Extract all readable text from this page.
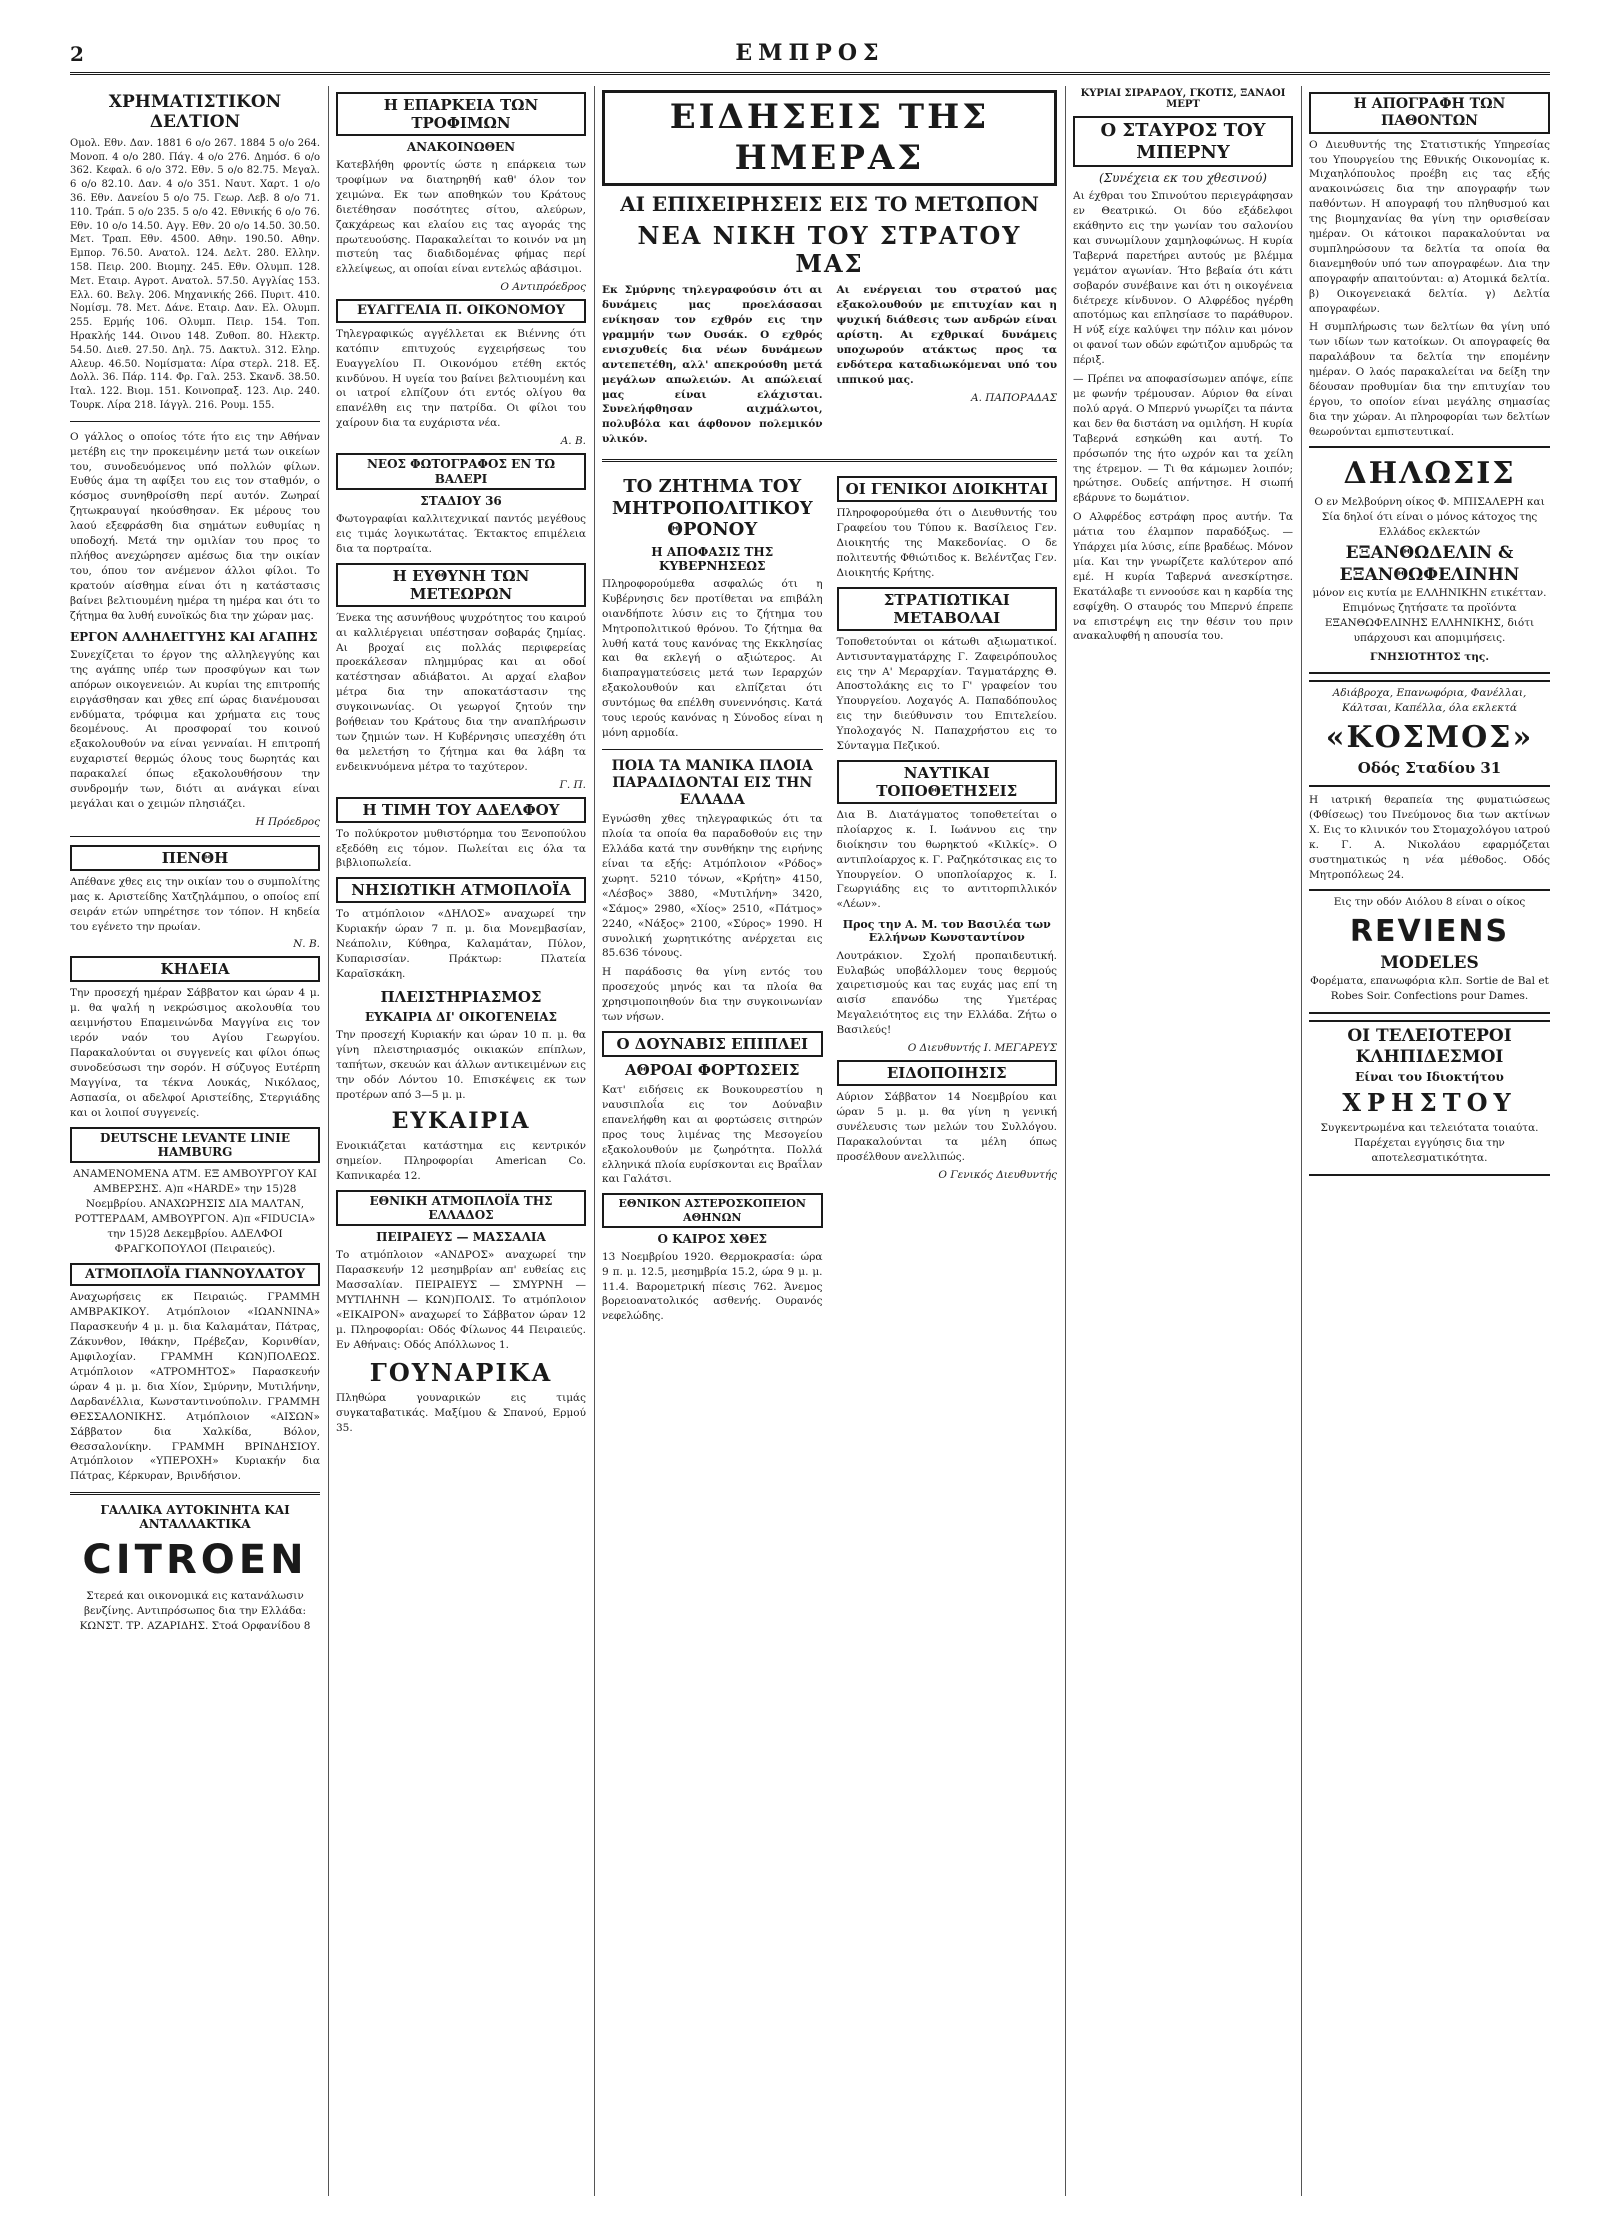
2	ΕΜΠΡΟΣ
ΧΡΗΜΑΤΙΣΤΙΚΟΝ ΔΕΛΤΙΟΝ
Ομολ. Εθν. Δαν. 1881 6 ο/ο 267. 1884 5 ο/ο 264. Μονοπ. 4 ο/ο 280. Πάγ. 4 ο/ο 276. Δημόσ. 6 ο/ο 362. Κεφαλ. 6 ο/ο 372. Εθν. 5 ο/ο 82.75. Μεγαλ. 6 ο/ο 82.10. Δαν. 4 ο/ο 351. Ναυτ. Χαρτ. 1 ο/ο 36. Εθν. Δανείου 5 ο/ο 75. Γεωρ. Λεβ. 8 ο/ο 71. 110. Τράπ. 5 ο/ο 235. 5 ο/ο 42. Εθνικής 6 ο/ο 76. Εθν. 10 ο/ο 14.50. Αγγ. Εθν. 20 ο/ο 14.50. 30.50. Μετ. Τραπ. Εθν. 4500. Αθην. 190.50. Αθην. Εμπορ. 76.50. Ανατολ. 124. Δελτ. 280. Ελλην. 158. Πειρ. 200. Βιομηχ. 245. Εθν. Ολυμπ. 128. Μετ. Εταιρ. Αγροτ. Ανατολ. 57.50. Αγγλίας 153. Ελλ. 60. Βελγ. 206. Μηχανικής 266. Πυριτ. 410. Νομίσμ. 78. Μετ. Δάνε. Εταιρ. Δαν. Ελ. Ολυμπ. 255. Ερμής 106. Ολυμπ. Πειρ. 154. Τοπ. Ηρακλής 144. Οινου 148. Ζυθοπ. 80. Ηλεκτρ. 54.50. Διεθ. 27.50. Δηλ. 75. Δακτυλ. 312. Εληρ. Αλευρ. 46.50. Νομίσματα: Λίρα στερλ. 218. Εξ. Δολλ. 36. Πάρ. 114. Φρ. Γαλ. 253. Σκανδ. 38.50. Ιταλ. 122. Βιομ. 151. Κοινοπραξ. 123. Λιρ. 240. Τουρκ. Λίρα 218. Ιάγγλ. 216. Ρουμ. 155.
Ο γάλλος ο οποίος τότε ήτο εις την Αθήναν μετέβη εις την προκειμένην μετά των οικείων του, συνοδευόμενος υπό πολλών φίλων. Ευθύς άμα τη αφίξει του εις τον σταθμόν, ο κόσμος συνηθροίσθη περί αυτόν. Ζωηραί ζητωκραυγαί ηκούσθησαν. Εκ μέρους του λαού εξεφράσθη δια σημάτων ευθυμίας η υποδοχή. Μετά την ομιλίαν του προς το πλήθος ανεχώρησεν αμέσως δια την οικίαν του, όπου τον ανέμενον άλλοι φίλοι. Το κρατούν αίσθημα είναι ότι η κατάστασις βαίνει βελτιουμένη ημέρα τη ημέρα και ότι το ζήτημα θα λυθή ευνοϊκώς δια την χώραν μας.
ΕΡΓΟΝ ΑΛΛΗΛΕΓΓΥΗΣ ΚΑΙ ΑΓΑΠΗΣ
Συνεχίζεται το έργον της αλληλεγγύης και της αγάπης υπέρ των προσφύγων και των απόρων οικογενειών. Αι κυρίαι της επιτροπής ειργάσθησαν και χθες επί ώρας διανέμουσαι ενδύματα, τρόφιμα και χρήματα εις τους δεομένους. Αι προσφοραί του κοινού εξακολουθούν να είναι γενναίαι. Η επιτροπή ευχαριστεί θερμώς όλους τους δωρητάς και παρακαλεί όπως εξακολουθήσουν την συνδρομήν των, διότι αι ανάγκαι είναι μεγάλαι και ο χειμών πλησιάζει.
Η Πρόεδρος
ΠΕΝΘΗ
Απέθανε χθες εις την οικίαν του ο συμπολίτης μας κ. Αριστείδης Χατζηλάμπου, ο οποίος επί σειράν ετών υπηρέτησε τον τόπον. Η κηδεία του εγένετο την πρωίαν.
Ν. Β.
ΚΗΔΕΙΑ
Την προσεχή ημέραν Σάββατον και ώραν 4 μ. μ. θα ψαλή η νεκρώσιμος ακολουθία του αειμνήστου Επαμεινώνδα Μαγγίνα εις τον ιερόν ναόν του Αγίου Γεωργίου. Παρακαλούνται οι συγγενείς και φίλοι όπως συνοδεύσωσι την σορόν. Η σύζυγος Ευτέρπη Μαγγίνα, τα τέκνα Λουκάς, Νικόλαος, Ασπασία, οι αδελφοί Αριστείδης, Στεργιάδης και οι λοιποί συγγενείς.
DEUTSCHE LEVANTE LINIE HAMBURG
ΑΝΑΜΕΝΟΜΕΝΑ ΑΤΜ. ΕΞ ΑΜΒΟΥΡΓΟΥ ΚΑΙ ΑΜΒΕΡΣΗΣ. Α)π «HARDE» την 15)28 Νοεμβρίου. ΑΝΑΧΩΡΗΣΙΣ ΔΙΑ ΜΑΛΤΑΝ, ΡΟΤΤΕΡΔΑΜ, ΑΜΒΟΥΡΓΟΝ. Α)π «FIDUCIA» την 15)28 Δεκεμβρίου. ΑΔΕΛΦΟΙ ΦΡΑΓΚΟΠΟΥΛΟΙ (Πειραιεύς).
ΑΤΜΟΠΛΟΪΑ ΓΙΑΝΝΟΥΛΑΤΟΥ
Αναχωρήσεις εκ Πειραιώς. ΓΡΑΜΜΗ ΑΜΒΡΑΚΙΚΟΥ. Ατμόπλοιον «ΙΩΑΝΝΙΝΑ» Παρασκευήν 4 μ. μ. δια Καλαμάταν, Πάτρας, Ζάκυνθον, Ιθάκην, Πρέβεζαν, Κορινθίαν, Αμφιλοχίαν. ΓΡΑΜΜΗ ΚΩΝ)ΠΟΛΕΩΣ. Ατμόπλοιον «ΑΤΡΟΜΗΤΟΣ» Παρασκευήν ώραν 4 μ. μ. δια Χίον, Σμύρνην, Μυτιλήνην, Δαρδανέλλια, Κωνσταντινούπολιν. ΓΡΑΜΜΗ ΘΕΣΣΑΛΟΝΙΚΗΣ. Ατμόπλοιον «ΑΙΣΩΝ» Σάββατον δια Χαλκίδα, Βόλον, Θεσσαλονίκην. ΓΡΑΜΜΗ ΒΡΙΝΔΗΣΙΟΥ. Ατμόπλοιον «ΥΠΕΡΟΧΗ» Κυριακήν δια Πάτρας, Κέρκυραν, Βρινδήσιον.
ΓΑΛΛΙΚΑ ΑΥΤΟΚΙΝΗΤΑ ΚΑΙ ΑΝΤΑΛΛΑΚΤΙΚΑ
CITROEN
Στερεά και οικονομικά εις κατανάλωσιν βενζίνης. Αντιπρόσωπος δια την Ελλάδα: ΚΩΝΣΤ. ΤΡ. ΑΖΑΡΙΔΗΣ. Στοά Ορφανίδου 8
Η ΕΠΑΡΚΕΙΑ ΤΩΝ ΤΡΟΦΙΜΩΝ
ΑΝΑΚΟΙΝΩΘΕΝ
Κατεβλήθη φροντίς ώστε η επάρκεια των τροφίμων να διατηρηθή καθ' όλον τον χειμώνα. Εκ των αποθηκών του Κράτους διετέθησαν ποσότητες σίτου, αλεύρων, ζακχάρεως και ελαίου εις τας αγοράς της πρωτευούσης. Παρακαλείται το κοινόν να μη πιστεύη τας διαδιδομένας φήμας περί ελλείψεως, αι οποίαι είναι εντελώς αβάσιμοι.
Ο Αντιπρόεδρος
ΕΥΑΓΓΕΛΙΑ Π. ΟΙΚΟΝΟΜΟΥ
Τηλεγραφικώς αγγέλλεται εκ Βιέννης ότι κατόπιν επιτυχούς εγχειρήσεως του Ευαγγελίου Π. Οικονόμου ετέθη εκτός κινδύνου. Η υγεία του βαίνει βελτιουμένη και οι ιατροί ελπίζουν ότι εντός ολίγου θα επανέλθη εις την πατρίδα. Οι φίλοι του χαίρουν δια τα ευχάριστα νέα.
Α. Β.
ΝΕΟΣ ΦΩΤΟΓΡΑΦΟΣ ΕΝ ΤΩ ΒΑΛΕΡΙ
ΣΤΑΔΙΟΥ 36
Φωτογραφίαι καλλιτεχνικαί παντός μεγέθους εις τιμάς λογικωτάτας. Έκτακτος επιμέλεια δια τα πορτραίτα.
Η ΕΥΘΥΝΗ ΤΩΝ ΜΕΤΕΩΡΩΝ
Ένεκα της ασυνήθους ψυχρότητος του καιρού αι καλλιέργειαι υπέστησαν σοβαράς ζημίας. Αι βροχαί εις πολλάς περιφερείας προεκάλεσαν πλημμύρας και αι οδοί κατέστησαν αδιάβατοι. Αι αρχαί ελαβον μέτρα δια την αποκατάστασιν της συγκοινωνίας. Οι γεωργοί ζητούν την βοήθειαν του Κράτους δια την αναπλήρωσιν των ζημιών των. Η Κυβέρνησις υπεσχέθη ότι θα μελετήση το ζήτημα και θα λάβη τα ενδεικνυόμενα μέτρα το ταχύτερον.
Γ. Π.
Η ΤΙΜΗ ΤΟΥ ΑΔΕΛΦΟΥ
Το πολύκροτον μυθιστόρημα του Ξενοπούλου εξεδόθη εις τόμον. Πωλείται εις όλα τα βιβλιοπωλεία.
ΝΗΣΙΩΤΙΚΗ ΑΤΜΟΠΛΟΪΑ
Το ατμόπλοιον «ΔΗΛΟΣ» αναχωρεί την Κυριακήν ώραν 7 π. μ. δια Μονεμβασίαν, Νεάπολιν, Κύθηρα, Καλαμάταν, Πύλον, Κυπαρισσίαν. Πράκτωρ: Πλατεία Καραϊσκάκη.
ΠΛΕΙΣΤΗΡΙΑΣΜΟΣ
ΕΥΚΑΙΡΙΑ ΔΙ' ΟΙΚΟΓΕΝΕΙΑΣ
Την προσεχή Κυριακήν και ώραν 10 π. μ. θα γίνη πλειστηριασμός οικιακών επίπλων, ταπήτων, σκευών και άλλων αντικειμένων εις την οδόν Λόντου 10. Επισκέψεις εκ των προτέρων από 3—5 μ. μ.
ΕΥΚΑΙΡΙΑ
Ενοικιάζεται κατάστημα εις κεντρικόν σημείον. Πληροφορίαι American Co. Καπνικαρέα 12.
ΕΘΝΙΚΗ ΑΤΜΟΠΛΟΪΑ ΤΗΣ ΕΛΛΑΔΟΣ
ΠΕΙΡΑΙΕΥΣ — ΜΑΣΣΑΛΙΑ
Το ατμόπλοιον «ΑΝΔΡΟΣ» αναχωρεί την Παρασκευήν 12 μεσημβρίαν απ' ευθείας εις Μασσαλίαν. ΠΕΙΡΑΙΕΥΣ — ΣΜΥΡΝΗ — ΜΥΤΙΛΗΝΗ — ΚΩΝ)ΠΟΛΙΣ. Το ατμόπλοιον «ΕΙΚΑΙΡΟΝ» αναχωρεί το Σάββατον ώραν 12 μ. Πληροφορίαι: Οδός Φίλωνος 44 Πειραιεύς. Εν Αθήναις: Οδός Απόλλωνος 1.
ΓΟΥΝΑΡΙΚΑ
Πληθώρα γουναρικών εις τιμάς συγκαταβατικάς. Μαξίμου & Σπανού, Ερμού 35.
ΕΙΔΗΣΕΙΣ ΤΗΣ ΗΜΕΡΑΣ
ΑΙ ΕΠΙΧΕΙΡΗΣΕΙΣ ΕΙΣ ΤΟ ΜΕΤΩΠΟΝ
ΝΕΑ ΝΙΚΗ ΤΟΥ ΣΤΡΑΤΟΥ ΜΑΣ
Εκ Σμύρνης τηλεγραφούσιν ότι αι δυνάμεις μας προελάσασαι ενίκησαν τον εχθρόν εις την γραμμήν των Ουσάκ. Ο εχθρός ενισχυθείς δια νέων δυνάμεων αντεπετέθη, αλλ' απεκρούσθη μετά μεγάλων απωλειών. Αι απώλειαί μας είναι ελάχισται. Συνελήφθησαν αιχμάλωτοι, πολυβόλα και άφθονον πολεμικόν υλικόν.
Αι ενέργειαι του στρατού μας εξακολουθούν με επιτυχίαν και η ψυχική διάθεσις των ανδρών είναι αρίστη. Αι εχθρικαί δυνάμεις υποχωρούν ατάκτως προς τα ενδότερα καταδιωκόμεναι υπό του ιππικού μας.
Α. ΠΑΠΟΡΑΔΑΣ
ΤΟ ΖΗΤΗΜΑ ΤΟΥ ΜΗΤΡΟΠΟΛΙΤΙΚΟΥ ΘΡΟΝΟΥ
Η ΑΠΟΦΑΣΙΣ ΤΗΣ ΚΥΒΕΡΝΗΣΕΩΣ
Πληροφορούμεθα ασφαλώς ότι η Κυβέρνησις δεν προτίθεται να επιβάλη οιανδήποτε λύσιν εις το ζήτημα του Μητροπολιτικού θρόνου. Το ζήτημα θα λυθή κατά τους κανόνας της Εκκλησίας και θα εκλεγή ο αξιώτερος. Αι διαπραγματεύσεις μετά των Ιεραρχών εξακολουθούν και ελπίζεται ότι συντόμως θα επέλθη συνεννόησις. Κατά τους ιερούς κανόνας η Σύνοδος είναι η μόνη αρμοδία.
ΠΟΙΑ ΤΑ ΜΑΝΙΚΑ ΠΛΟΙΑ ΠΑΡΑΔΙΔΟΝΤΑΙ ΕΙΣ ΤΗΝ ΕΛΛΑΔΑ
Εγνώσθη χθες τηλεγραφικώς ότι τα πλοία τα οποία θα παραδοθούν εις την Ελλάδα κατά την συνθήκην της ειρήνης είναι τα εξής: Ατμόπλοιον «Ρόδος» χωρητ. 5210 τόνων, «Κρήτη» 4150, «Λέσβος» 3880, «Μυτιλήνη» 3420, «Σάμος» 2980, «Χίος» 2510, «Πάτμος» 2240, «Νάξος» 2100, «Σύρος» 1990. Η συνολική χωρητικότης ανέρχεται εις 85.636 τόνους.
Η παράδοσις θα γίνη εντός του προσεχούς μηνός και τα πλοία θα χρησιμοποιηθούν δια την συγκοινωνίαν των νήσων.
Ο ΔΟΥΝΑΒΙΣ ΕΠΙΠΛΕΙ
ΑΘΡΟΑΙ ΦΟΡΤΩΣΕΙΣ
Κατ' ειδήσεις εκ Βουκουρεστίου η ναυσιπλοΐα εις τον Δούναβιν επανελήφθη και αι φορτώσεις σιτηρών προς τους λιμένας της Μεσογείου εξακολουθούν με ζωηρότητα. Πολλά ελληνικά πλοία ευρίσκονται εις Βραΐλαν και Γαλάτσι.
ΕΘΝΙΚΟΝ ΑΣΤΕΡΟΣΚΟΠΕΙΟΝ ΑΘΗΝΩΝ
Ο ΚΑΙΡΟΣ ΧΘΕΣ
13 Νοεμβρίου 1920. Θερμοκρασία: ώρα 9 π. μ. 12.5, μεσημβρία 15.2, ώρα 9 μ. μ. 11.4. Βαρομετρική πίεσις 762. Άνεμος βορειοανατολικός ασθενής. Ουρανός νεφελώδης.
ΟΙ ΓΕΝΙΚΟΙ ΔΙΟΙΚΗΤΑΙ
Πληροφορούμεθα ότι ο Διευθυντής του Γραφείου του Τύπου κ. Βασίλειος Γεν. Διοικητής της Μακεδονίας. Ο δε πολιτευτής Φθιώτιδος κ. Βελέντζας Γεν. Διοικητής Κρήτης.
ΣΤΡΑΤΙΩΤΙΚΑΙ ΜΕΤΑΒΟΛΑΙ
Τοποθετούνται οι κάτωθι αξιωματικοί. Αντισυνταγματάρχης Γ. Ζαφειρόπουλος εις την Α' Μεραρχίαν. Ταγματάρχης Θ. Αποστολάκης εις το Γ' γραφείον του Υπουργείου. Λοχαγός Α. Παπαδόπουλος εις την διεύθυνσιν του Επιτελείου. Υπολοχαγός Ν. Παπαχρήστου εις το Σύνταγμα Πεζικού.
ΝΑΥΤΙΚΑΙ ΤΟΠΟΘΕΤΗΣΕΙΣ
Δια Β. Διατάγματος τοποθετείται ο πλοίαρχος κ. Ι. Ιωάννου εις την διοίκησιν του θωρηκτού «Κιλκίς». Ο αντιπλοίαρχος κ. Γ. Ραζηκότσικας εις το Υπουργείον. Ο υποπλοίαρχος κ. Ι. Γεωργιάδης εις το αντιτορπιλλικόν «Λέων».
Προς την Α. Μ. τον Βασιλέα των Ελλήνων Κωνσταντίνον
Λουτράκιον. Σχολή προπαιδευτική. Ευλαβώς υποβάλλομεν τους θερμούς χαιρετισμούς και τας ευχάς μας επί τη αισίσ επανόδω της Υμετέρας Μεγαλειότητος εις την Ελλάδα. Ζήτω ο Βασιλεύς!
Ο Διευθυντής Ι. ΜΕΓΑΡΕΥΣ
ΕΙΔΟΠΟΙΗΣΙΣ
Αύριον Σάββατον 14 Νοεμβρίου και ώραν 5 μ. μ. θα γίνη η γενική συνέλευσις των μελών του Συλλόγου. Παρακαλούνται τα μέλη όπως προσέλθουν ανελλιπώς.
Ο Γενικός Διευθυντής
ΚΥΡΙΑΙ ΣΙΡΑΡΔΟΥ, ΓΚΟΤΙΣ, ΞΑΝΑΟΙ ΜΕΡΤ
Ο ΣΤΑΥΡΟΣ ΤΟΥ ΜΠΕΡΝΥ
(Συνέχεια εκ του χθεσινού)
Αι έχθραι του Σπινούτου περιεγράφησαν εν Θεατρικώ. Οι δύο εξάδελφοι εκάθηντο εις την γωνίαν του σαλονίου και συνωμίλουν χαμηλοφώνως. Η κυρία Ταβερνά παρετήρει αυτούς με βλέμμα γεμάτον αγωνίαν. Ήτο βεβαία ότι κάτι σοβαρόν συνέβαινε και ότι η οικογένεια διέτρεχε κίνδυνον. Ο Αλφρέδος ηγέρθη αποτόμως και επλησίασε το παράθυρον. Η νύξ είχε καλύψει την πόλιν και μόνον οι φανοί των οδών εφώτιζον αμυδρώς τα πέριξ.
— Πρέπει να αποφασίσωμεν απόψε, είπε με φωνήν τρέμουσαν. Αύριον θα είναι πολύ αργά. Ο Μπερνύ γνωρίζει τα πάντα και δεν θα διστάση να ομιλήση. Η κυρία Ταβερνά εσηκώθη και αυτή. Το πρόσωπόν της ήτο ωχρόν και τα χείλη της έτρεμον. — Τι θα κάμωμεν λοιπόν; ηρώτησε. Ουδείς απήντησε. Η σιωπή εβάρυνε το δωμάτιον.
Ο Αλφρέδος εστράφη προς αυτήν. Τα μάτια του έλαμπον παραδόξως. — Υπάρχει μία λύσις, είπε βραδέως. Μόνον μία. Και την γνωρίζετε καλύτερον από εμέ. Η κυρία Ταβερνά ανεσκίρτησε. Εκατάλαβε τι εννοούσε και η καρδία της εσφίχθη. Ο σταυρός του Μπερνύ έπρεπε να επιστρέψη εις την θέσιν του πριν ανακαλυφθή η απουσία του.
Η ΑΠΟΓΡΑΦΗ ΤΩΝ ΠΑΘΟΝΤΩΝ
Ο Διευθυντής της Στατιστικής Υπηρεσίας του Υπουργείου της Εθνικής Οικονομίας κ. Μιχαηλόπουλος προέβη εις τας εξής ανακοινώσεις δια την απογραφήν των παθόντων. Η απογραφή του πληθυσμού και της βιομηχανίας θα γίνη την ορισθείσαν ημέραν. Οι κάτοικοι παρακαλούνται να συμπληρώσουν τα δελτία τα οποία θα διανεμηθούν υπό των απογραφέων. Δια την απογραφήν απαιτούνται: α) Ατομικά δελτία. β) Οικογενειακά δελτία. γ) Δελτία απογραφέων.
Η συμπλήρωσις των δελτίων θα γίνη υπό των ιδίων των κατοίκων. Οι απογραφείς θα παραλάβουν τα δελτία την επομένην ημέραν. Ο λαός παρακαλείται να δείξη την δέουσαν προθυμίαν δια την επιτυχίαν του έργου, το οποίον είναι μεγάλης σημασίας δια την χώραν. Αι πληροφορίαι των δελτίων θεωρούνται εμπιστευτικαί.
ΔΗΛΩΣΙΣ
Ο εν Μελβούρνη οίκος Φ. ΜΠΙΣΑΛΕΡΗ και Σία δηλοί ότι είναι ο μόνος κάτοχος της Ελλάδος εκλεκτών
ΕΞΑΝΘΩΔΕΛΙΝ & ΕΞΑΝΘΩΦΕΛΙΝΗΝ
μόνον εις κυτία με ΕΛΛΗΝΙΚΗΝ ετικέτταν. Επιμόνως ζητήσατε τα προϊόντα ΕΞΑΝΘΩΦΕΛΙΝΗΣ ΕΛΛΗΝΙΚΗΣ, διότι υπάρχουσι και απομιμήσεις.
ΓΝΗΣΙΟΤΗΤΟΣ της.
Αδιάβροχα, Επανωφόρια, Φανέλλαι, Κάλτσαι, Καπέλλα, όλα εκλεκτά
«ΚΟΣΜΟΣ»
Οδός Σταδίου 31
Η ιατρική θεραπεία της φυματιώσεως (Φθίσεως) του Πνεύμονος δια των ακτίνων Χ. Εις το κλινικόν του Στομαχολόγου ιατρού κ. Γ. Α. Νικολάου εφαρμόζεται συστηματικώς η νέα μέθοδος. Οδός Μητροπόλεως 24.
Εις την οδόν Αιόλου 8 είναι ο οίκος
REVIENS
MODELES
Φορέματα, επανωφόρια κλπ. Sortie de Bal et Robes Soir. Confections pour Dames.
ΟΙ ΤΕΛΕΙΟΤΕΡΟΙ ΚΛΗΠΙΔΕΣΜΟΙ
Είναι του Ιδιοκτήτου
ΧΡΗΣΤΟΥ
Συγκεντρωμένα και τελειότατα τοιαύτα. Παρέχεται εγγύησις δια την αποτελεσματικότητα.
